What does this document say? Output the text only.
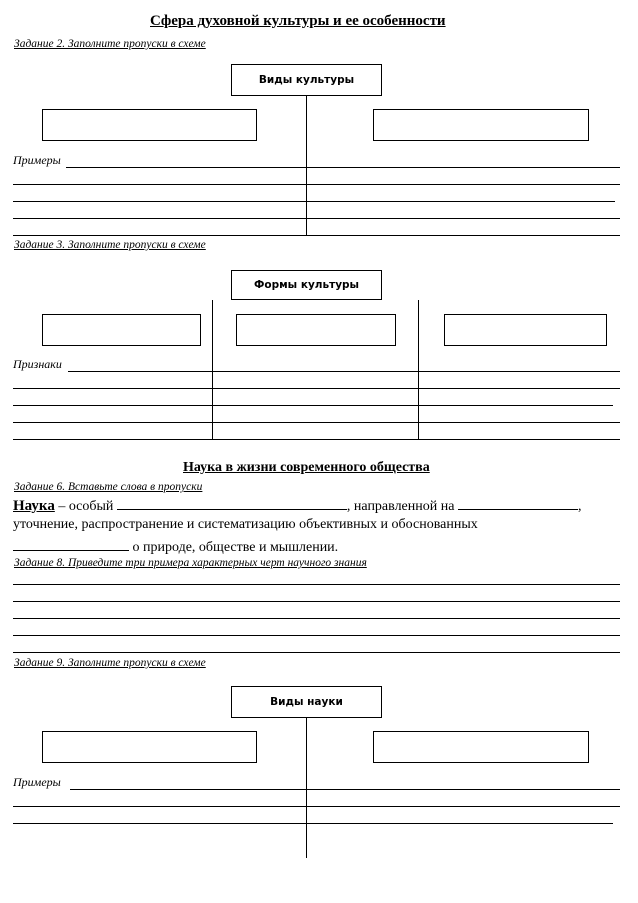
Сфера духовной культуры и ее особенности
Задание 2. Заполните пропуски в схеме
Виды культуры
Примеры
Задание 3. Заполните пропуски в схеме
Формы культуры
Признаки
Наука в жизни современного общества
Задание 6. Вставьте слова в пропуски
Наука – особый	, направленной на	,
уточнение, распространение и систематизацию объективных и обоснованных
о природе, обществе и мышлении.
Задание 8. Приведите три примера характерных черт научного знания
Задание 9. Заполните пропуски в схеме
Виды науки
Примеры
